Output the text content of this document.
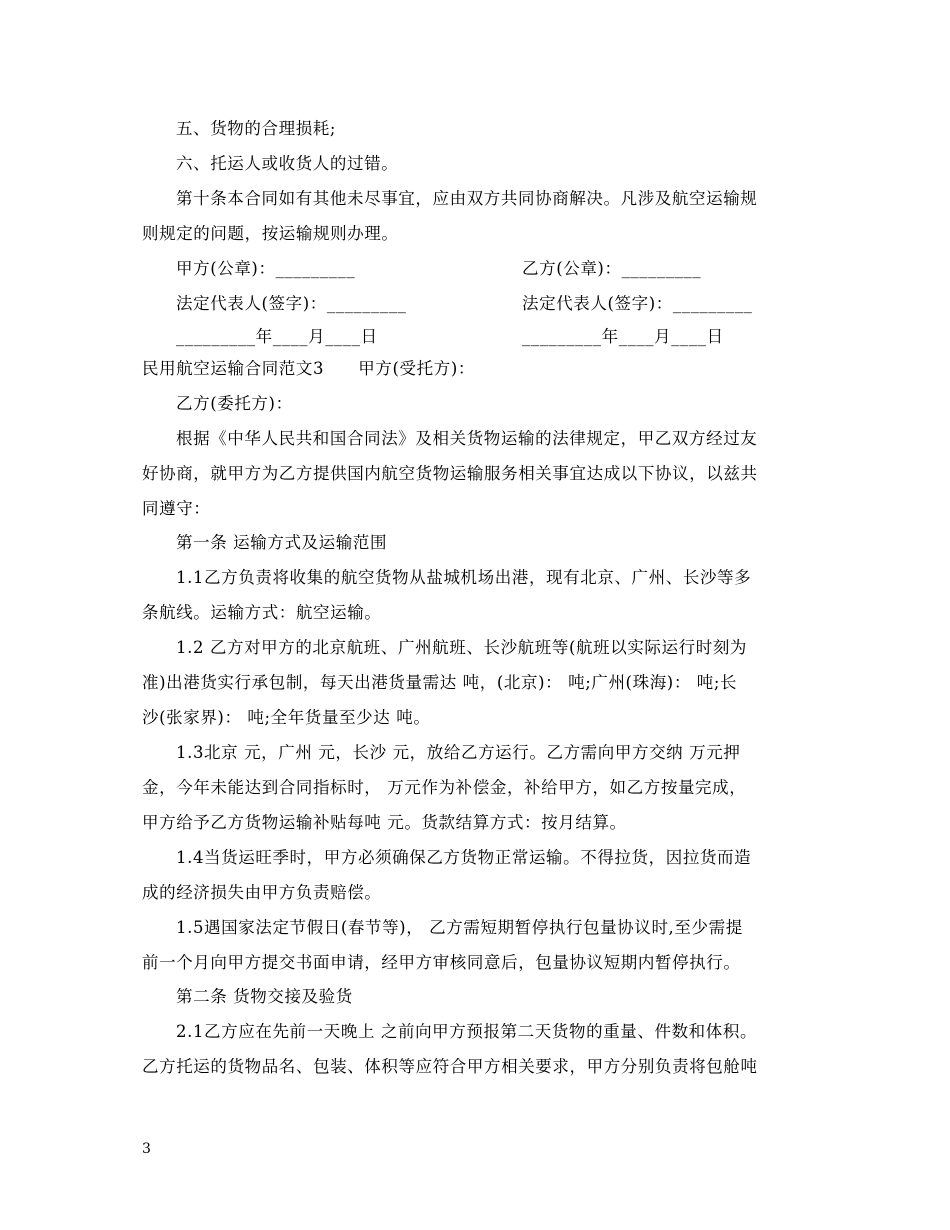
五、货物的合理损耗;
六、托运人或收货人的过错。
第十条本合同如有其他未尽事宜，应由双方共同协商解决。凡涉及航空运输规
则规定的问题，按运输规则办理。
甲方(公章)：_________	乙方(公章)：_________
法定代表人(签字)：_________	法定代表人(签字)：_________
_________年____月____日	_________年____月____日
民用航空运输合同范文3　　甲方(受托方)：
乙方(委托方)：
根据《中华人民共和国合同法》及相关货物运输的法律规定，甲乙双方经过友
好协商，就甲方为乙方提供国内航空货物运输服务相关事宜达成以下协议，以兹共
同遵守：
第一条 运输方式及运输范围
1.1乙方负责将收集的航空货物从盐城机场出港，现有北京、广州、长沙等多
条航线。运输方式：航空运输。
1.2 乙方对甲方的北京航班、广州航班、长沙航班等(航班以实际运行时刻为
准)出港货实行承包制，每天出港货量需达 吨，(北京)： 吨;广州(珠海)： 吨;长
沙(张家界)： 吨;全年货量至少达 吨。
1.3北京 元，广州 元，长沙 元，放给乙方运行。乙方需向甲方交纳 万元押
金，今年未能达到合同指标时， 万元作为补偿金，补给甲方，如乙方按量完成，
甲方给予乙方货物运输补贴每吨 元。货款结算方式：按月结算。
1.4当货运旺季时，甲方必须确保乙方货物正常运输。不得拉货，因拉货而造
成的经济损失由甲方负责赔偿。
1.5遇国家法定节假日(春节等)， 乙方需短期暂停执行包量协议时,至少需提
前一个月向甲方提交书面申请，经甲方审核同意后，包量协议短期内暂停执行。
第二条 货物交接及验货
2.1乙方应在先前一天晚上 之前向甲方预报第二天货物的重量、件数和体积。
乙方托运的货物品名、包装、体积等应符合甲方相关要求，甲方分别负责将包舱吨
3
